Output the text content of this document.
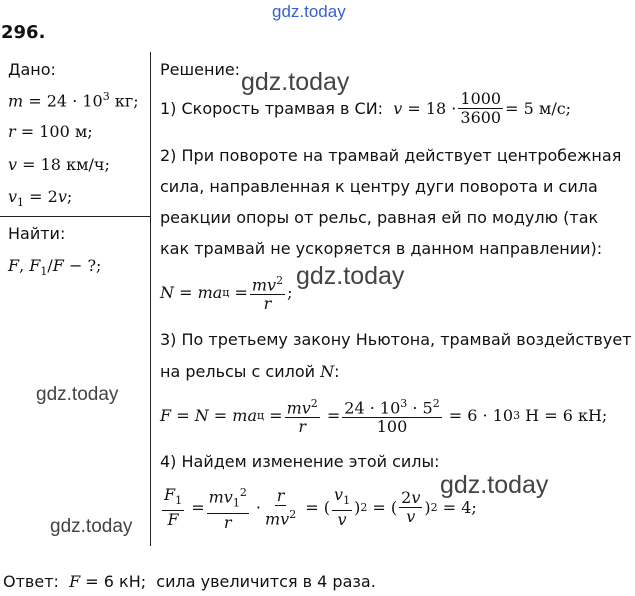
gdz.today
gdz.today
gdz.today
gdz.today
gdz.today
gdz.today
296.
Дано:
$m = 24 \cdot 10^3$ кг;
r = 100 м;
v = 18 км/ч;
$v_1 = 2v$;
Найти:
F, $F_1/F$ − ?;
Решение:
1) Скорость трамвая в СИ:
$v = 18 \cdot \frac{1000}{3600} = 5$ м/с;
2) При повороте на трамвай действует центробежная
сила, направленная к центру дуги поворота и сила
реакции опоры от рельс, равная ей по модулю (так
как трамвай не ускоряется в данном направлении):
N = ma $ц = \frac{mv^2}{r}$ ;
3) По третьему закону Ньютона, трамвай воздействует
на рельсы с силой N:
F = N = ma $ц = \frac{mv^2}{r} = \frac{24 \cdot 10^3 \cdot 5^2}{100} = 6 \cdot 10$ 3 Н = 6 кН;
4) Найдем изменение этой силы:
$\frac{F_1}{F} = \frac{mv_1^2}{r} \cdot \frac{r}{mv^2}$ = ( $\frac{v_1}{v}$ ) 2 = ( $\frac{2v}{v}$ ) 2 = 4;
Ответ:  F = 6 кН;  сила увеличится в 4 раза.
